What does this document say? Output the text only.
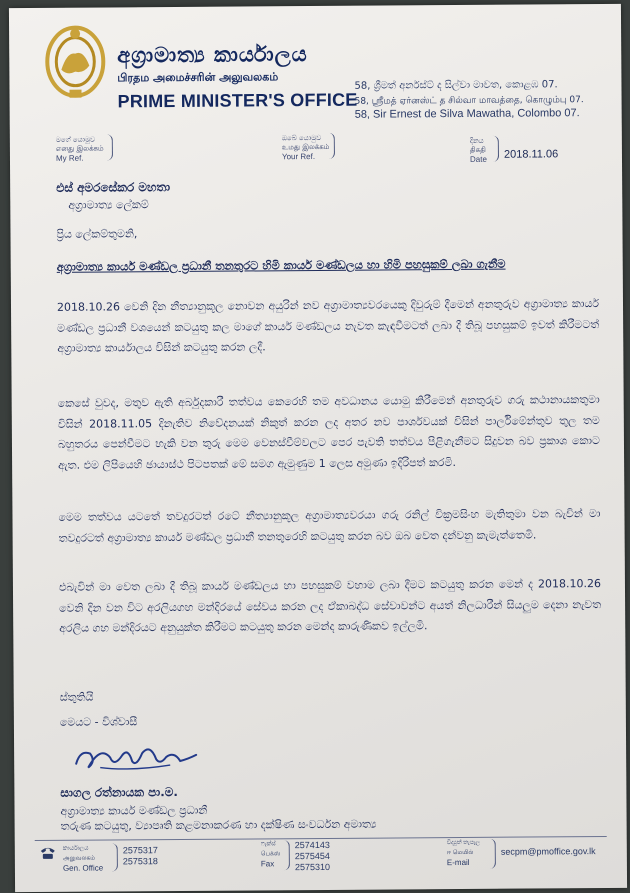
අග්‍රාමාත්‍ය කාර්යාලය
பிரதம அமைச்சரின் அலுவலகம்
PRIME MINISTER'S OFFICE
58, ශ්‍රීමත් අර්නස්ට් ද සිල්වා මාවත, කොළඹ 07.
58, ஸ்ரீமத் ஏர்னஸ்ட் த சில்வா மாவத்தை, கொழும்பு 07.
58, Sir Ernest de Silva Mawatha, Colombo 07.
මගේ යොමුව
எனது இலக்கம்
My Ref.
ඔබේ යොමුව
உமது இலக்கம்
Your Ref.
දිනය
திகதி
Date 2018.11.06
එස් අමරසේකර මහතා
අග්‍රාමාත්‍ය ලේකම්
ප්‍රිය ලේකම්තුමනි,
අග්‍රාමාත්‍ය කාර්ය මණ්ඩල ප්‍රධානී තනතුරට හිමි කාර්ය මණ්ඩලය හා හිමි පහසුකම් ලබා ගැනීම
2018.10.26 වෙනි දින නීත්‍යානුකූල නොවන අයුරින් නව අග්‍රාමාත්‍යවරයෙකු දිවුරුම් දීමෙන් අනතුරුව අග්‍රාමාත්‍ය කාර්ය මණ්ඩල ප්‍රධානී වශයෙන් කටයුතු කල මාගේ කාර්ය මණ්ඩලය නැවත කැඳවීමටත් ලබා දී තිබූ පහසුකම් ඉවත් කිරීමටත් අග්‍රාමාත්‍ය කාර්යාලය විසින් කටයුතු කරන ලදී.
කෙසේ වුවද, මතුව ඇති අර්බුදකාරී තත්වය කෙරෙහි තම අවධානය යොමු කිරීමෙන් අනතුරුව ගරු කථානායකතුමා විසින් 2018.11.05 දිනැතිව නිවේදනයක් නිකුත් කරන ලද අතර නව පාර්ශවයක් විසින් පාර්ලිමේන්තුව තුල තම බහුතරය පෙන්වීමට හැකි වන තුරු මෙම වෙනස්වීම්වලට පෙර පැවති තත්වය පිළිගැනීමට සිදුවන බව ප්‍රකාශ කොට ඇත. එම ලිපියෙහි ඡායාස්ථ පිටපතක් මේ සමග ඇමුණුම 1 ලෙස අමුණා ඉදිරිපත් කරමි.
මෙම තත්වය යටතේ තවදුරටත් රටේ නීත්‍යානුකූල අග්‍රාමාත්‍යවරයා ගරු රනිල් වික්‍රමසිංහ මැතිතුමා වන බැවින් මා තවදුරටත් අග්‍රාමාත්‍ය කාර්ය මණ්ඩල ප්‍රධානී තනතුරෙහි කටයුතු කරන බව ඔබ වෙත දන්වනු කැමැත්තෙමි.
එබැවින් මා වෙත ලබා දී තිබූ කාර්ය මණ්ඩලය හා පහසුකම් වහාම ලබා දීමට කටයුතු කරන මෙන් ද 2018.10.26 වෙනි දින වන විට අරලියගහ මන්දිරයේ සේවය කරන ලද ඒකාබද්ධ සේවාවන්ට අයත් නිලධාරීන් සියලුම දෙනා නැවත අරලිය ගහ මන්දිරයට අනුයුක්ත කිරීමට කටයුතු කරන මෙන්ද කාරුණිකව ඉල්ලමි.
ස්තුතියි
මෙයට - විශ්වාසී
සාගල රත්නායක පා.ම.
අග්‍රාමාත්‍ය කාර්ය මණ්ඩල ප්‍රධානී
තරුණ කටයුතු, ව්‍යාපෘති කළමනාකරණ හා දක්ෂිණ සංවර්ධන අමාත්‍ය
කාර්යාලය
அலுவலகம்
Gen. Office
2575317
2575318
ෆැක්ස්
பெக்ஸ்
Fax
2574143
2575454
2575310
විද්‍යුත් තැපෑල
ஈ மெயில்
E-mail
secpm@pmoffice.gov.lk
